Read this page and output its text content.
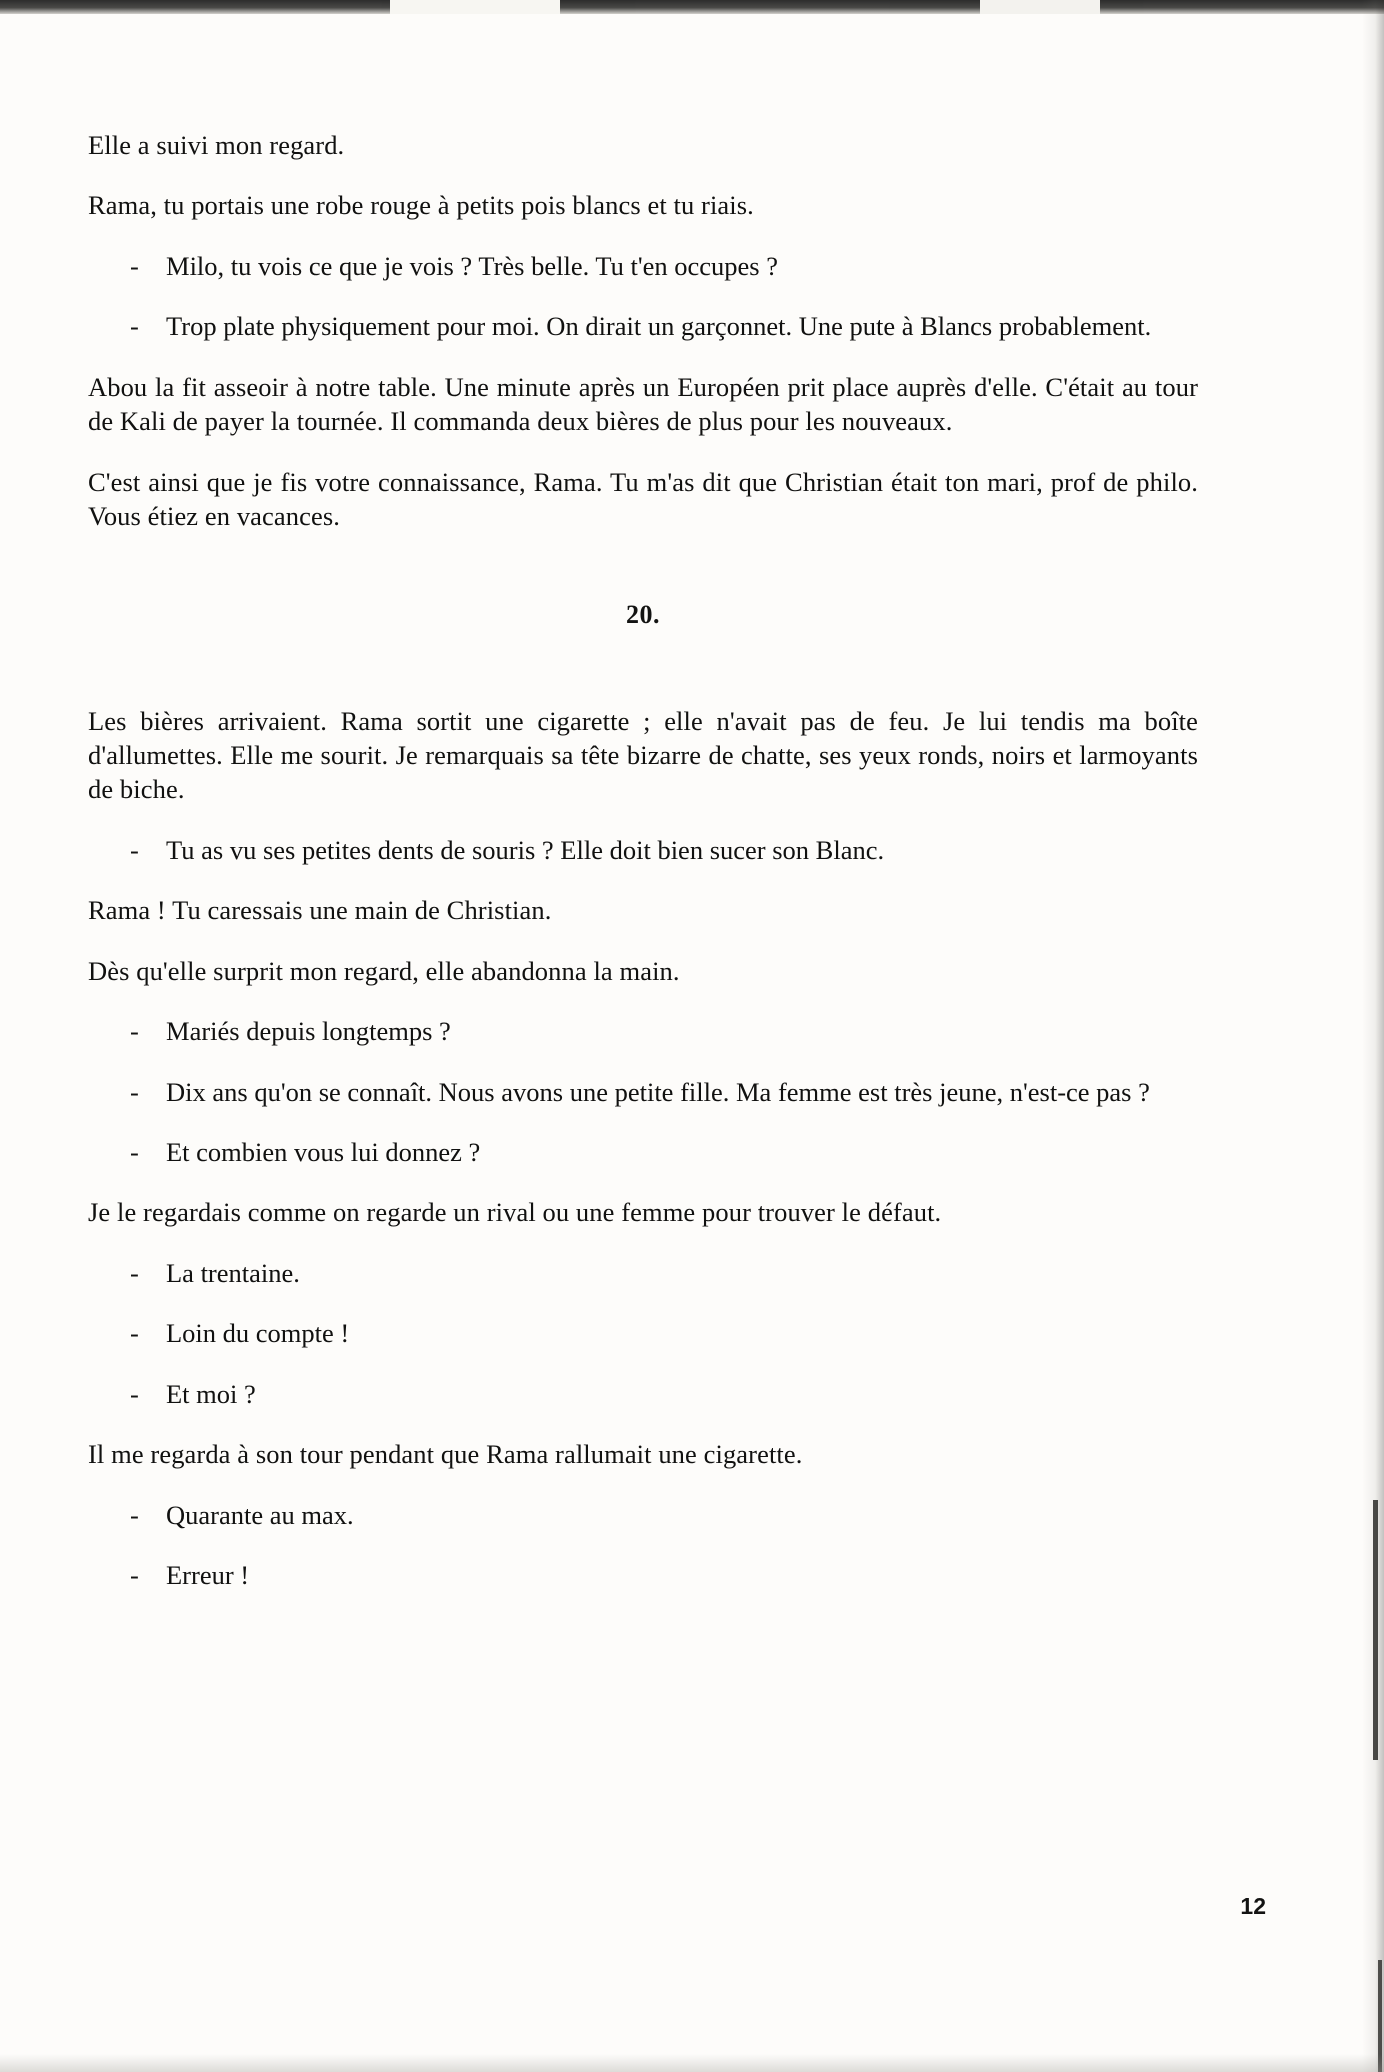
Elle a suivi mon regard.

Rama, tu portais une robe rouge à petits pois blancs et tu riais.

-	Milo, tu vois ce que je vois ? Très belle. Tu t'en occupes ?
-	Trop plate physiquement pour moi. On dirait un garçonnet. Une pute à Blancs probablement.

Abou la fit asseoir à notre table. Une minute après un Européen prit place auprès d'elle. C'était au tour de Kali de payer la tournée. Il commanda deux bières de plus pour les nouveaux.

C'est ainsi que je fis votre connaissance, Rama. Tu m'as dit que Christian était ton mari, prof de philo. Vous étiez en vacances.

20.

Les bières arrivaient. Rama sortit une cigarette ; elle n'avait pas de feu. Je lui tendis ma boîte d'allumettes. Elle me sourit. Je remarquais sa tête bizarre de chatte, ses yeux ronds, noirs et larmoyants de biche.

-	Tu as vu ses petites dents de souris ? Elle doit bien sucer son Blanc.

Rama ! Tu caressais une main de Christian.

Dès qu'elle surprit mon regard, elle abandonna la main.

-	Mariés depuis longtemps ?
-	Dix ans qu'on se connaît. Nous avons une petite fille. Ma femme est très jeune, n'est-ce pas ?
-	Et combien vous lui donnez ?

Je le regardais comme on regarde un rival ou une femme pour trouver le défaut.

-	La trentaine.
-	Loin du compte !
-	Et moi ?

Il me regarda à son tour pendant que Rama rallumait une cigarette.

-	Quarante au max.
-	Erreur !
12
